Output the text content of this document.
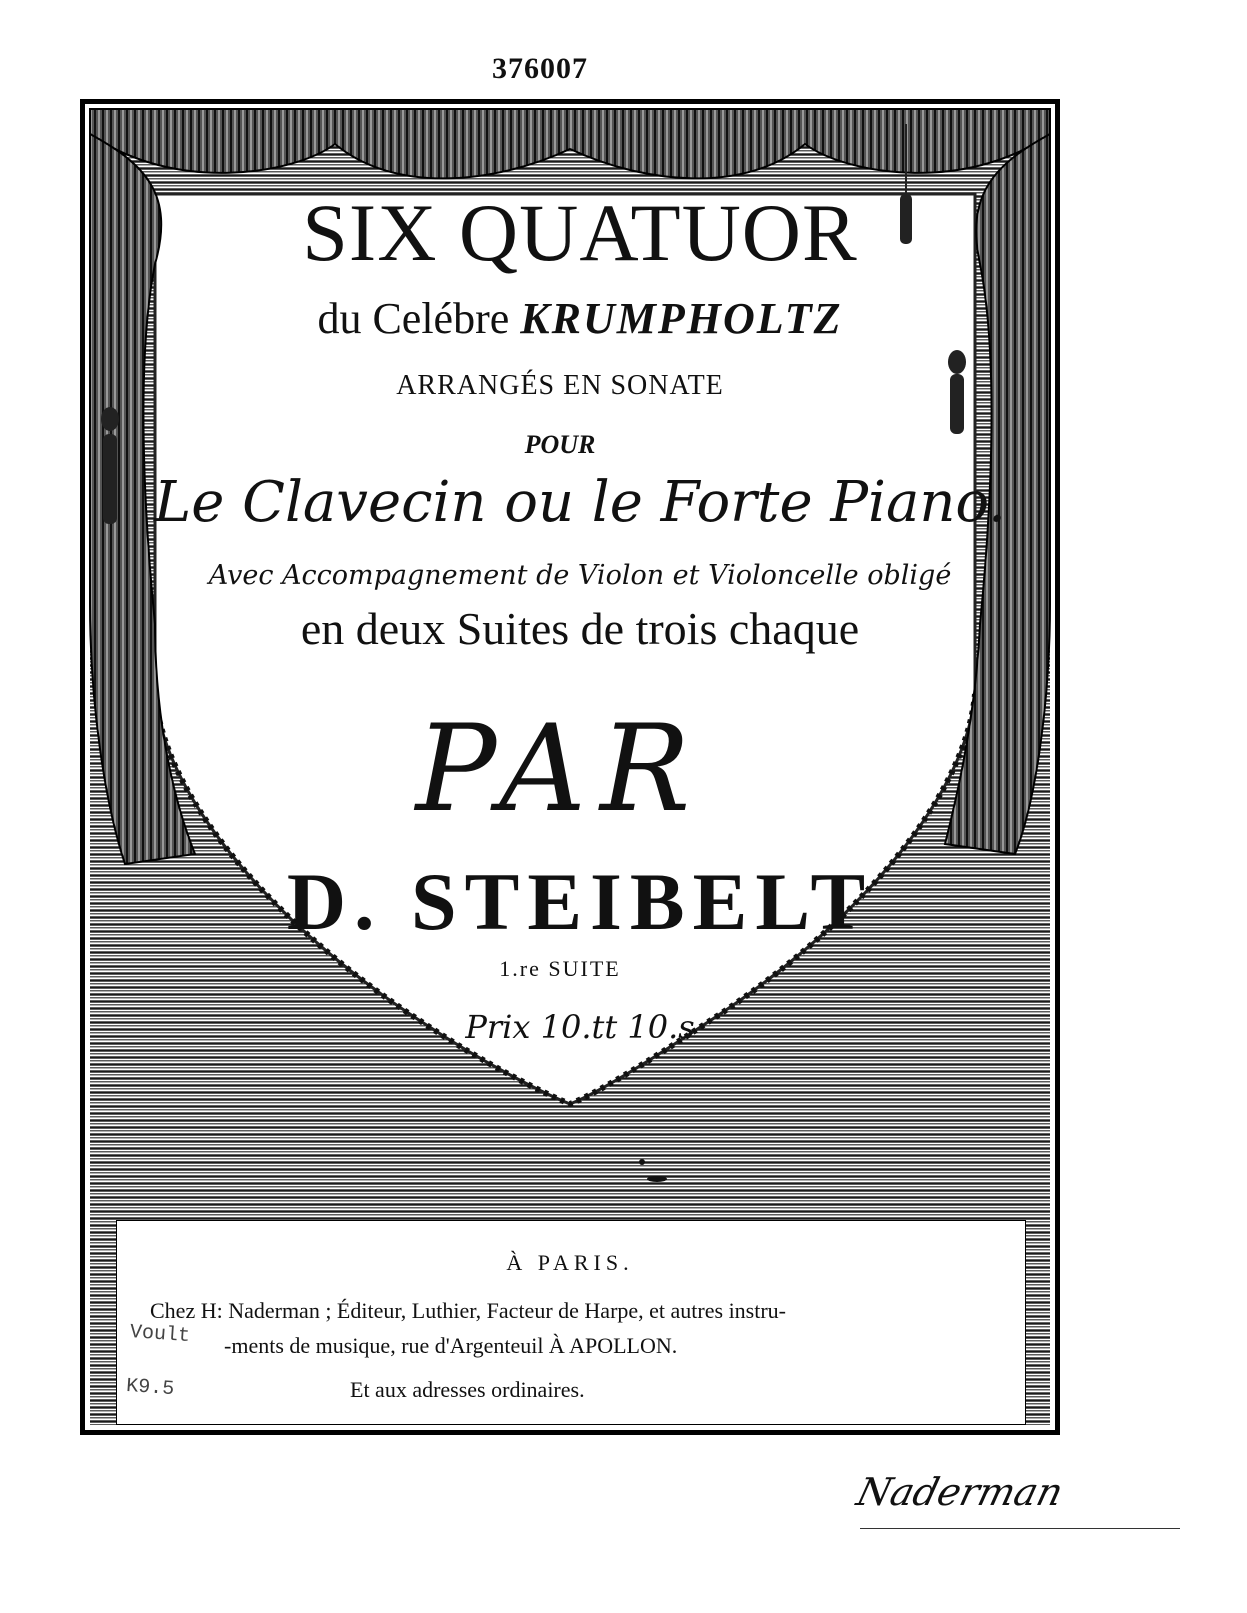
376007
SIX QUATUOR
du Celébre KRUMPHOLTZ
ARRANGÉS EN SONATE
POUR
Le Clavecin ou le Forte Piano.
Avec Accompagnement de Violon et Violoncelle obligé
en deux Suites de trois chaque
PAR
D. STEIBELT
1.re SUITE
Prix 10.tt 10.s
À PARIS.
Chez H: Naderman ; Éditeur, Luthier, Facteur de Harpe, et autres instru-
-ments de musique, rue d'Argenteuil À APOLLON.
Et aux adresses ordinaires.
Voult
K9.5
Naderman
